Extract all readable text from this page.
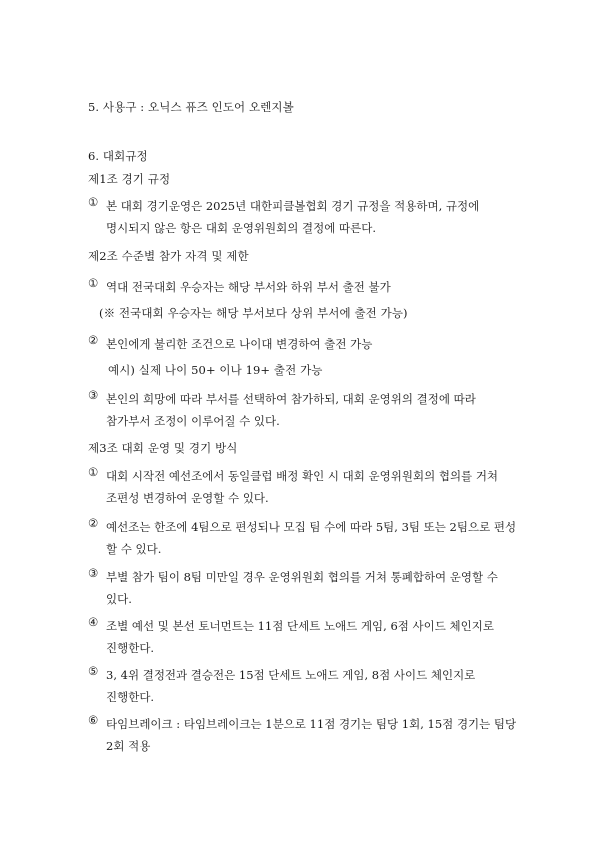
5. 사용구 : 오닉스 퓨즈 인도어 오렌지볼
6. 대회규정
제1조 경기 규정
① 본 대회 경기운영은 2025년 대한피클볼협회 경기 규정을 적용하며, 규정에 명시되지 않은 항은 대회 운영위원회의 결정에 따른다.
제2조 수준별 참가 자격 및 제한
① 역대 전국대회 우승자는 해당 부서와 하위 부서 출전 불가
(※ 전국대회 우승자는 해당 부서보다 상위 부서에 출전 가능)
② 본인에게 불리한 조건으로 나이대 변경하여 출전 가능
예시) 실제 나이 50+ 이나 19+ 출전 가능
③ 본인의 희망에 따라 부서를 선택하여 참가하되, 대회 운영위의 결정에 따라 참가부서 조정이 이루어질 수 있다.
제3조 대회 운영 및 경기 방식
① 대회 시작전 예선조에서 동일클럽 배정 확인 시 대회 운영위원회의 협의를 거쳐 조편성 변경하여 운영할 수 있다.
② 예선조는 한조에 4팀으로 편성되나 모집 팀 수에 따라 5팀, 3팀 또는 2팀으로 편성 할 수 있다.
③ 부별 참가 팀이 8팀 미만일 경우 운영위원회 협의를 거쳐 통폐합하여 운영할 수 있다.
④ 조별 예선 및 본선 토너먼트는 11점 단세트 노애드 게임, 6점 사이드 체인지로 진행한다.
⑤ 3, 4위 결정전과 결승전은 15점 단세트 노애드 게임, 8점 사이드 체인지로 진행한다.
⑥ 타임브레이크 : 타임브레이크는 1분으로 11점 경기는 팀당 1회, 15점 경기는 팀당 2회 적용
